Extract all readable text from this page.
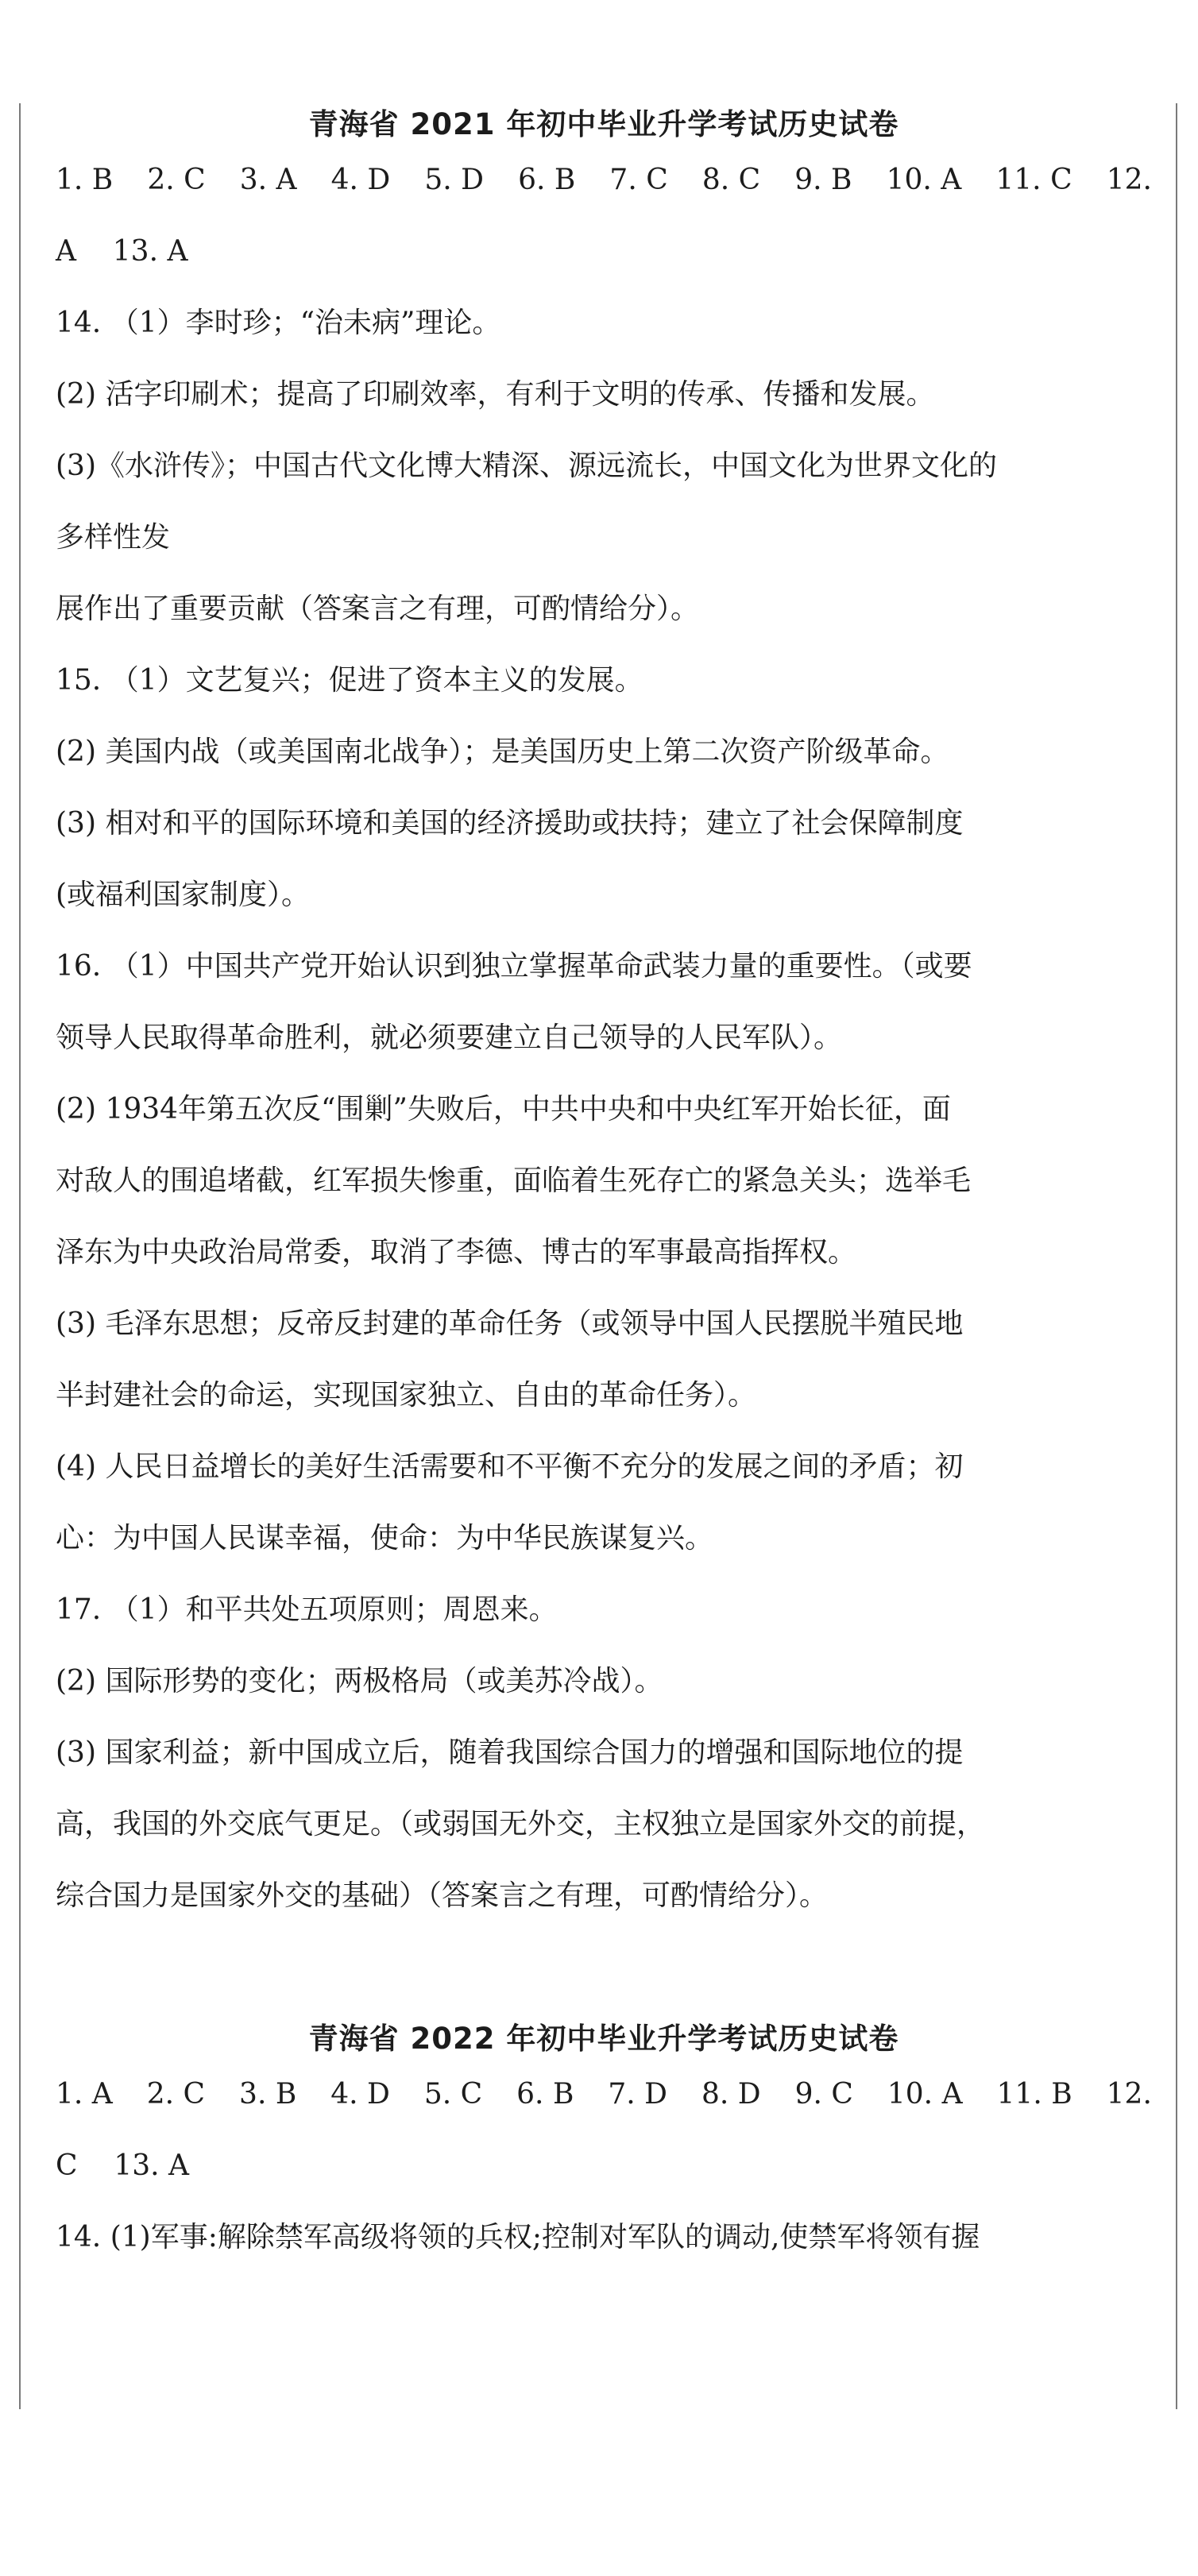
青海省 2021 年初中毕业升学考试历史试卷
1. B 2. C 3. A 4. D 5. D 6. B 7. C 8. C 9. B 10. A 11. C 12.

A    13. A

14. （1）李时珍；“治未病”理论。

(2) 活字印刷术；提高了印刷效率，有利于文明的传承、传播和发展。

(3)《水浒传》；中国古代文化博大精深、源远流长，中国文化为世界文化的

多样性发

展作出了重要贡献（答案言之有理，可酌情给分）。

15. （1）文艺复兴；促进了资本主义的发展。

(2) 美国内战（或美国南北战争）；是美国历史上第二次资产阶级革命。

(3) 相对和平的国际环境和美国的经济援助或扶持；建立了社会保障制度

(或福利国家制度）。

16. （1）中国共产党开始认识到独立掌握革命武装力量的重要性。（或要

领导人民取得革命胜利，就必须要建立自己领导的人民军队）。

(2) 1934年第五次反“围剿”失败后，中共中央和中央红军开始长征，面

对敌人的围追堵截，红军损失惨重，面临着生死存亡的紧急关头；选举毛

泽东为中央政治局常委，取消了李德、博古的军事最高指挥权。

(3) 毛泽东思想；反帝反封建的革命任务（或领导中国人民摆脱半殖民地

半封建社会的命运，实现国家独立、自由的革命任务）。

(4) 人民日益增长的美好生活需要和不平衡不充分的发展之间的矛盾；初

心：为中国人民谋幸福，使命：为中华民族谋复兴。

17. （1）和平共处五项原则；周恩来。

(2) 国际形势的变化；两极格局（或美苏冷战）。

(3) 国家利益；新中国成立后，随着我国综合国力的增强和国际地位的提

高，我国的外交底气更足。（或弱国无外交，主权独立是国家外交的前提，

综合国力是国家外交的基础）（答案言之有理，可酌情给分）。

青海省 2022 年初中毕业升学考试历史试卷
1. A 2. C 3. B 4. D 5. C 6. B 7. D 8. D 9. C 10. A 11. B 12.

C    13. A

14. (1)军事:解除禁军高级将领的兵权;控制对军队的调动,使禁军将领有握
